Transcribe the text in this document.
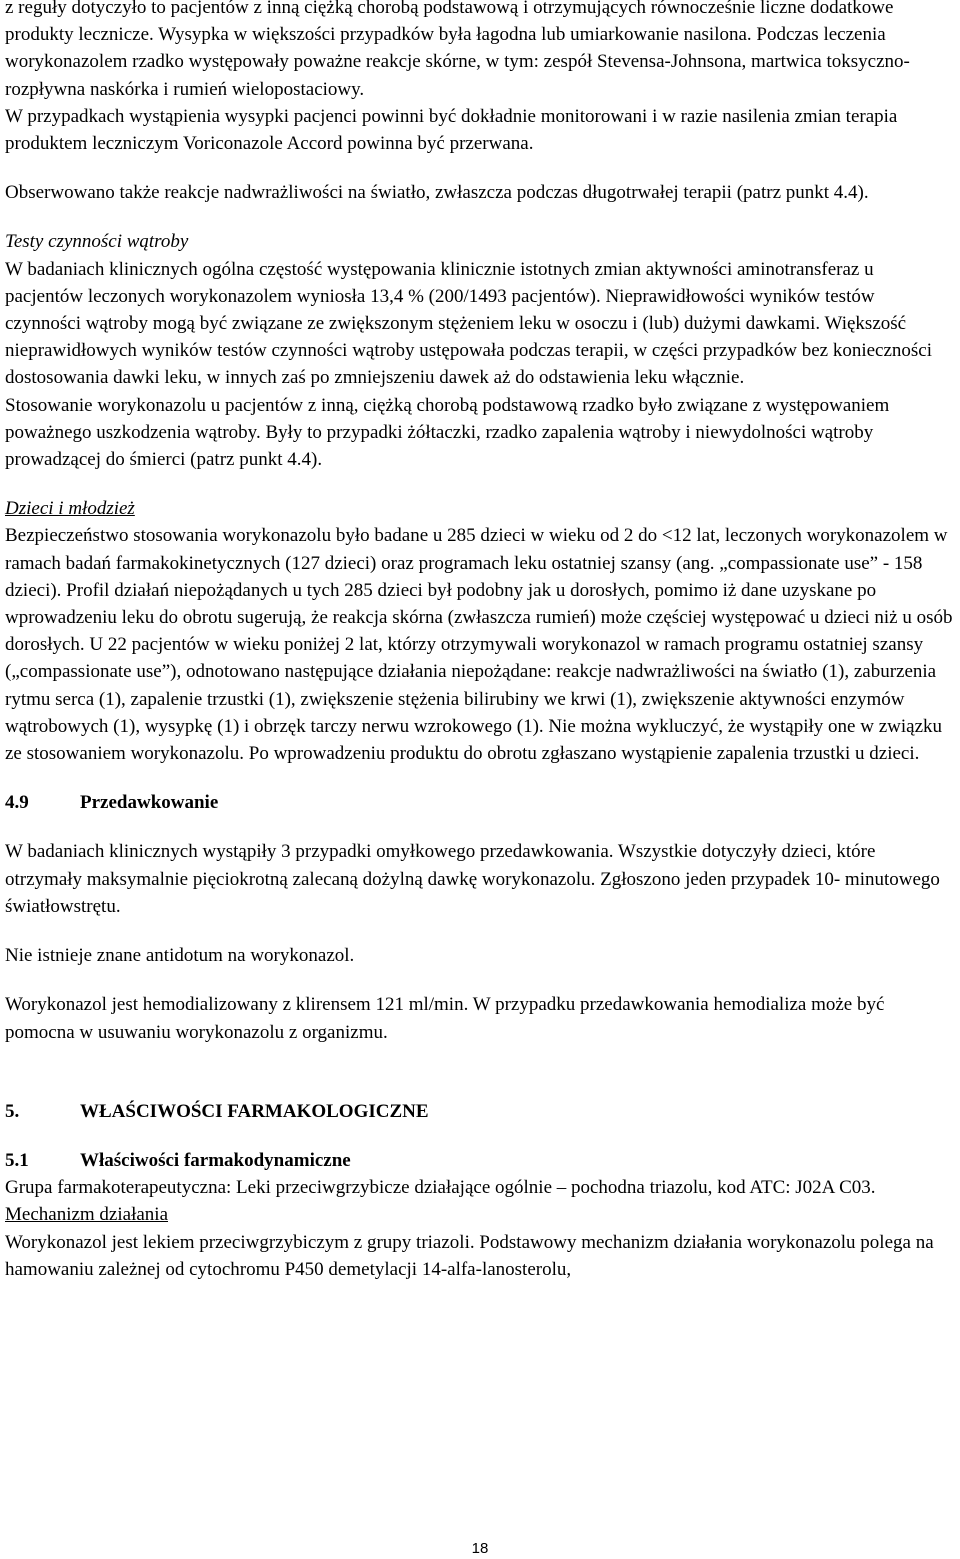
z reguły dotyczyło to pacjentów z inną ciężką chorobą podstawową i otrzymujących równocześnie liczne dodatkowe produkty lecznicze. Wysypka w większości przypadków była łagodna lub umiarkowanie nasilona. Podczas leczenia worykonazolem rzadko występowały poważne reakcje skórne, w tym: zespół Stevensa-Johnsona, martwica toksyczno-rozpływna naskórka i rumień wielopostaciowy.

W przypadkach wystąpienia wysypki pacjenci powinni być dokładnie monitorowani i w razie nasilenia zmian terapia produktem leczniczym Voriconazole Accord powinna być przerwana.

Obserwowano także reakcje nadwrażliwości na światło, zwłaszcza podczas długotrwałej terapii (patrz punkt 4.4).

Testy czynności wątroby

W badaniach klinicznych ogólna częstość występowania klinicznie istotnych zmian aktywności aminotransferaz u pacjentów leczonych worykonazolem wyniosła 13,4 % (200/1493 pacjentów). Nieprawidłowości wyników testów czynności wątroby mogą być związane ze zwiększonym stężeniem leku w osoczu i (lub) dużymi dawkami. Większość nieprawidłowych wyników testów czynności wątroby ustępowała podczas terapii, w części przypadków bez konieczności dostosowania dawki leku, w innych zaś po zmniejszeniu dawek aż do odstawienia leku włącznie.

Stosowanie worykonazolu u pacjentów z inną, ciężką chorobą podstawową rzadko było związane z występowaniem poważnego uszkodzenia wątroby. Były to przypadki żółtaczki, rzadko zapalenia wątroby i niewydolności wątroby prowadzącej do śmierci (patrz punkt 4.4).

Dzieci i młodzież

Bezpieczeństwo stosowania worykonazolu było badane u 285 dzieci w wieku od 2 do <12 lat, leczonych worykonazolem w ramach badań farmakokinetycznych (127 dzieci) oraz programach leku ostatniej szansy (ang. „compassionate use” - 158 dzieci). Profil działań niepożądanych u tych 285 dzieci był podobny jak u dorosłych, pomimo iż dane uzyskane po wprowadzeniu leku do obrotu sugerują, że reakcja skórna (zwłaszcza rumień) może częściej występować u dzieci niż u osób dorosłych. U 22 pacjentów w wieku poniżej 2 lat, którzy otrzymywali worykonazol w ramach programu ostatniej szansy („compassionate use”), odnotowano następujące działania niepożądane: reakcje nadwrażliwości na światło (1), zaburzenia rytmu serca (1), zapalenie trzustki (1), zwiększenie stężenia bilirubiny we krwi (1), zwiększenie aktywności enzymów wątrobowych (1), wysypkę (1) i obrzęk tarczy nerwu wzrokowego (1). Nie można wykluczyć, że wystąpiły one w związku ze stosowaniem worykonazolu. Po wprowadzeniu produktu do obrotu zgłaszano wystąpienie zapalenia trzustki u dzieci.

4.9	Przedawkowanie

W badaniach klinicznych wystąpiły 3 przypadki omyłkowego przedawkowania. Wszystkie dotyczyły dzieci, które otrzymały maksymalnie pięciokrotną zalecaną dożylną dawkę worykonazolu. Zgłoszono jeden przypadek 10- minutowego światłowstrętu.

Nie istnieje znane antidotum na worykonazol.

Worykonazol jest hemodializowany z klirensem 121 ml/min. W przypadku przedawkowania hemodializa może być pomocna w usuwaniu worykonazolu z organizmu.

5.	WŁAŚCIWOŚCI FARMAKOLOGICZNE
5.1	Właściwości farmakodynamiczne

Grupa farmakoterapeutyczna: Leki przeciwgrzybicze działające ogólnie – pochodna triazolu, kod ATC: J02A C03.

Mechanizm działania

Worykonazol jest lekiem przeciwgrzybiczym z grupy triazoli. Podstawowy mechanizm działania worykonazolu polega na hamowaniu zależnej od cytochromu P450 demetylacji 14-alfa-lanosterolu,

18
